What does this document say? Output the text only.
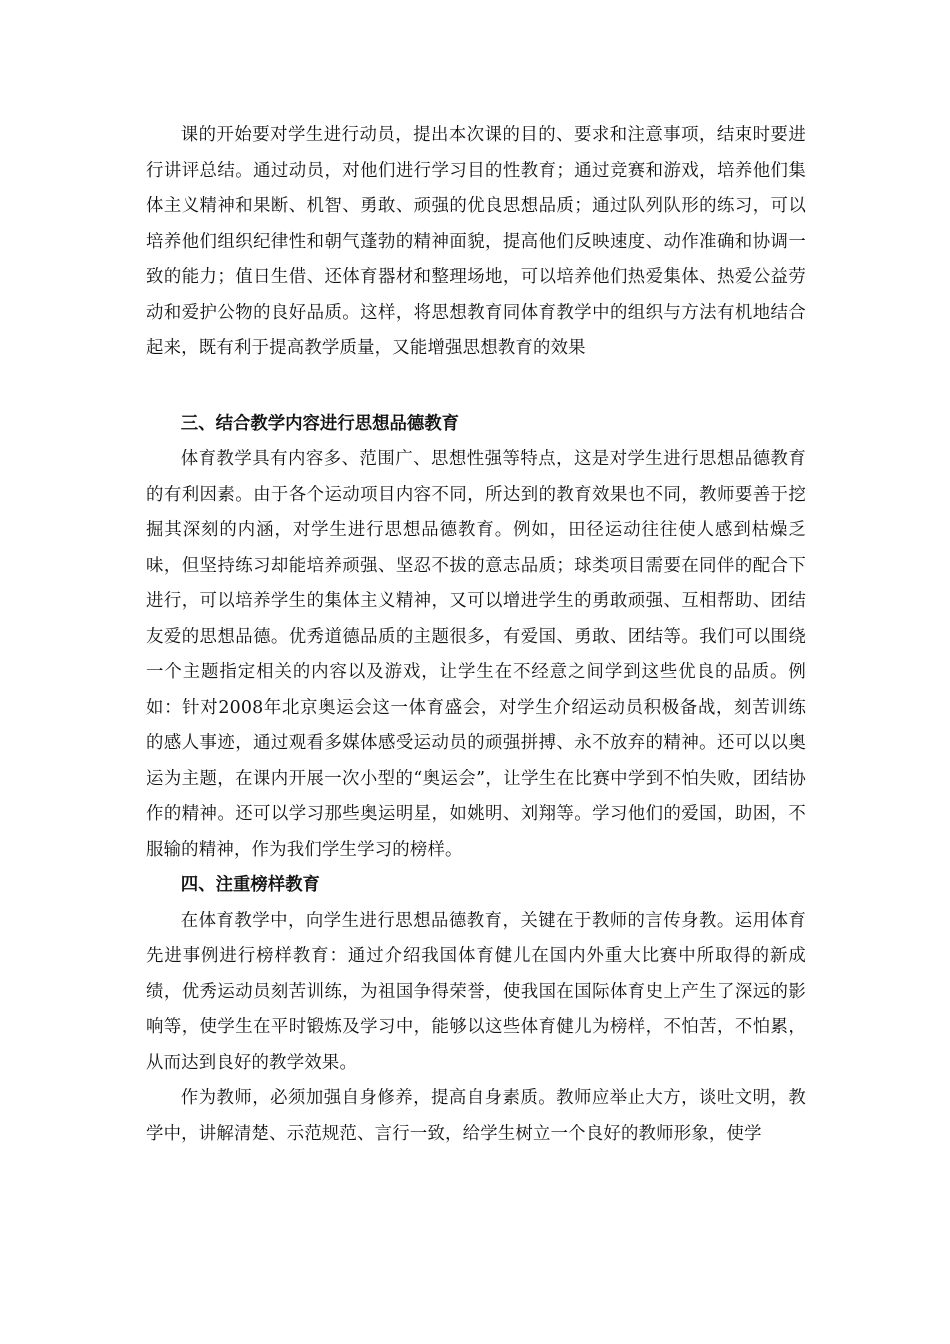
课的开始要对学生进行动员，提出本次课的目的、要求和注意事项，结束时要进行讲评总结。通过动员，对他们进行学习目的性教育；通过竞赛和游戏，培养他们集体主义精神和果断、机智、勇敢、顽强的优良思想品质；通过队列队形的练习，可以培养他们组织纪律性和朝气蓬勃的精神面貌，提高他们反映速度、动作准确和协调一致的能力；值日生借、还体育器材和整理场地，可以培养他们热爱集体、热爱公益劳动和爱护公物的良好品质。这样，将思想教育同体育教学中的组织与方法有机地结合起来，既有利于提高教学质量，又能增强思想教育的效果

三、结合教学内容进行思想品德教育

体育教学具有内容多、范围广、思想性强等特点，这是对学生进行思想品德教育的有利因素。由于各个运动项目内容不同，所达到的教育效果也不同，教师要善于挖掘其深刻的内涵，对学生进行思想品德教育。例如，田径运动往往使人感到枯燥乏味，但坚持练习却能培养顽强、坚忍不拔的意志品质；球类项目需要在同伴的配合下进行，可以培养学生的集体主义精神，又可以增进学生的勇敢顽强、互相帮助、团结友爱的思想品德。优秀道德品质的主题很多，有爱国、勇敢、团结等。我们可以围绕一个主题指定相关的内容以及游戏，让学生在不经意之间学到这些优良的品质。例如：针对2008年北京奥运会这一体育盛会，对学生介绍运动员积极备战，刻苦训练的感人事迹，通过观看多媒体感受运动员的顽强拼搏、永不放弃的精神。还可以以奥运为主题，在课内开展一次小型的“奥运会”，让学生在比赛中学到不怕失败，团结协作的精神。还可以学习那些奥运明星，如姚明、刘翔等。学习他们的爱国，助困，不服输的精神，作为我们学生学习的榜样。

四、注重榜样教育

在体育教学中，向学生进行思想品德教育，关键在于教师的言传身教。运用体育先进事例进行榜样教育：通过介绍我国体育健儿在国内外重大比赛中所取得的新成绩，优秀运动员刻苦训练，为祖国争得荣誉，使我国在国际体育史上产生了深远的影响等，使学生在平时锻炼及学习中，能够以这些体育健儿为榜样，不怕苦，不怕累，从而达到良好的教学效果。

作为教师，必须加强自身修养，提高自身素质。教师应举止大方，谈吐文明，教学中，讲解清楚、示范规范、言行一致，给学生树立一个良好的教师形象，使学
